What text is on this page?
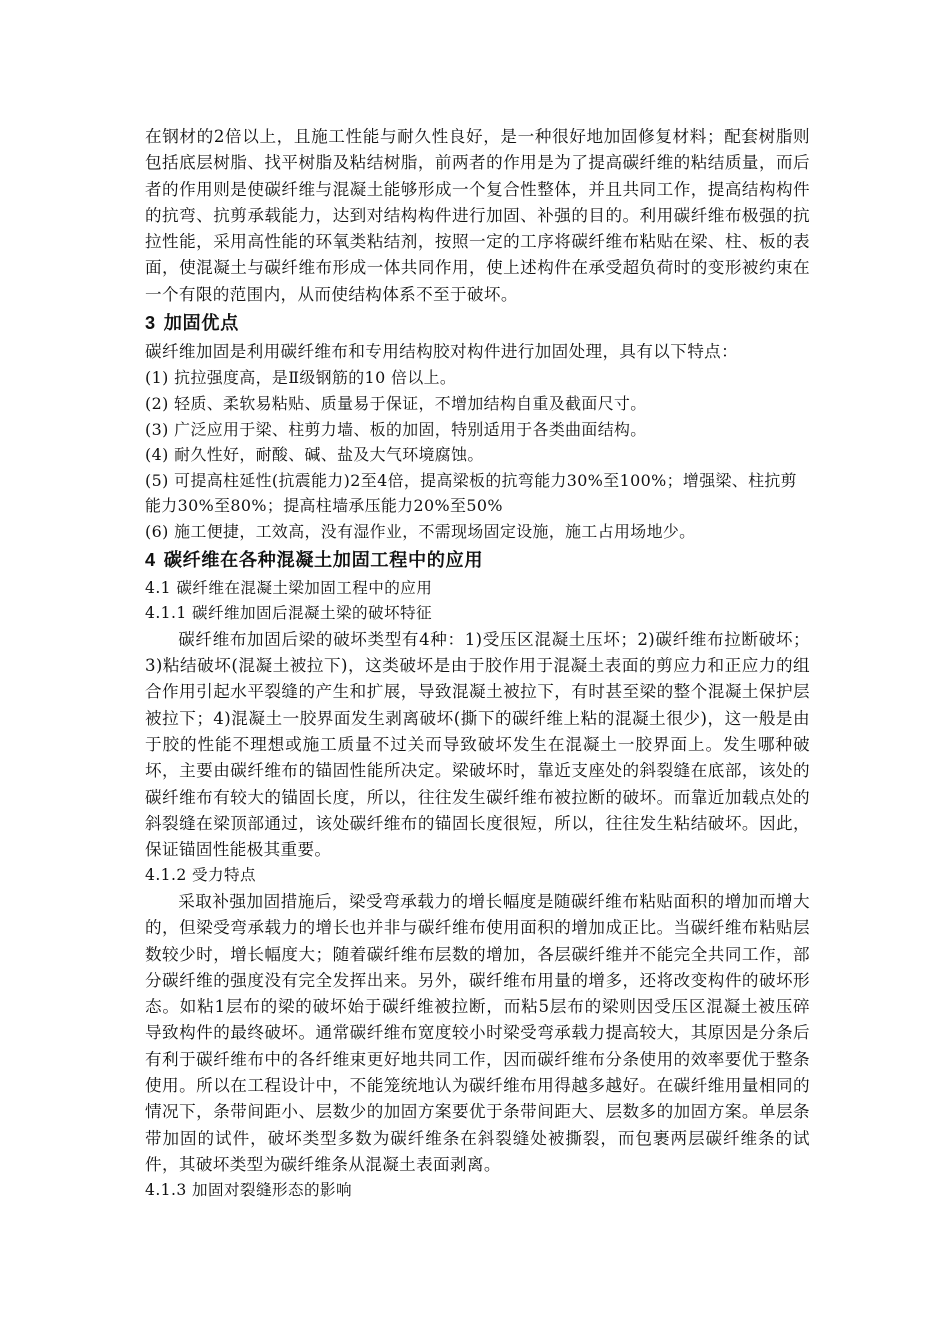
在钢材的2倍以上，且施工性能与耐久性良好，是一种很好地加固修复材料；配套树脂则包括底层树脂、找平树脂及粘结树脂，前两者的作用是为了提高碳纤维的粘结质量，而后者的作用则是使碳纤维与混凝土能够形成一个复合性整体，并且共同工作，提高结构构件的抗弯、抗剪承载能力，达到对结构构件进行加固、补强的目的。利用碳纤维布极强的抗拉性能，采用高性能的环氧类粘结剂，按照一定的工序将碳纤维布粘贴在梁、柱、板的表面，使混凝土与碳纤维布形成一体共同作用，使上述构件在承受超负荷时的变形被约束在一个有限的范围内，从而使结构体系不至于破坏。

3 加固优点

碳纤维加固是利用碳纤维布和专用结构胶对构件进行加固处理，具有以下特点：

(1) 抗拉强度高，是Ⅱ级钢筋的10 倍以上。

(2) 轻质、柔软易粘贴、质量易于保证，不增加结构自重及截面尺寸。

(3) 广泛应用于梁、柱剪力墙、板的加固，特别适用于各类曲面结构。

(4) 耐久性好，耐酸、碱、盐及大气环境腐蚀。

(5) 可提高柱延性(抗震能力)2至4倍，提高梁板的抗弯能力30%至100%；增强梁、柱抗剪能力30%至80%；提高柱墙承压能力20%至50%

(6) 施工便捷，工效高，没有湿作业，不需现场固定设施，施工占用场地少。

4 碳纤维在各种混凝土加固工程中的应用

4.1 碳纤维在混凝土梁加固工程中的应用

4.1.1 碳纤维加固后混凝土梁的破坏特征

碳纤维布加固后梁的破坏类型有4种：1)受压区混凝土压坏；2)碳纤维布拉断破坏；3)粘结破坏(混凝土被拉下)，这类破坏是由于胶作用于混凝土表面的剪应力和正应力的组合作用引起水平裂缝的产生和扩展，导致混凝土被拉下，有时甚至梁的整个混凝土保护层被拉下；4)混凝土一胶界面发生剥离破坏(撕下的碳纤维上粘的混凝土很少)，这一般是由于胶的性能不理想或施工质量不过关而导致破坏发生在混凝土一胶界面上。发生哪种破坏，主要由碳纤维布的锚固性能所决定。梁破坏时，靠近支座处的斜裂缝在底部，该处的碳纤维布有较大的锚固长度，所以，往往发生碳纤维布被拉断的破坏。而靠近加载点处的斜裂缝在梁顶部通过，该处碳纤维布的锚固长度很短，所以，往往发生粘结破坏。因此，保证锚固性能极其重要。

4.1.2 受力特点

采取补强加固措施后，梁受弯承载力的增长幅度是随碳纤维布粘贴面积的增加而增大的，但梁受弯承载力的增长也并非与碳纤维布使用面积的增加成正比。当碳纤维布粘贴层数较少时，增长幅度大；随着碳纤维布层数的增加，各层碳纤维并不能完全共同工作，部分碳纤维的强度没有完全发挥出来。另外，碳纤维布用量的增多，还将改变构件的破坏形态。如粘1层布的梁的破坏始于碳纤维被拉断，而粘5层布的梁则因受压区混凝土被压碎导致构件的最终破坏。通常碳纤维布宽度较小时梁受弯承载力提高较大，其原因是分条后有利于碳纤维布中的各纤维束更好地共同工作，因而碳纤维布分条使用的效率要优于整条使用。所以在工程设计中，不能笼统地认为碳纤维布用得越多越好。在碳纤维用量相同的情况下，条带间距小、层数少的加固方案要优于条带间距大、层数多的加固方案。单层条带加固的试件，破坏类型多数为碳纤维条在斜裂缝处被撕裂，而包裹两层碳纤维条的试件，其破坏类型为碳纤维条从混凝土表面剥离。

4.1.3 加固对裂缝形态的影响
